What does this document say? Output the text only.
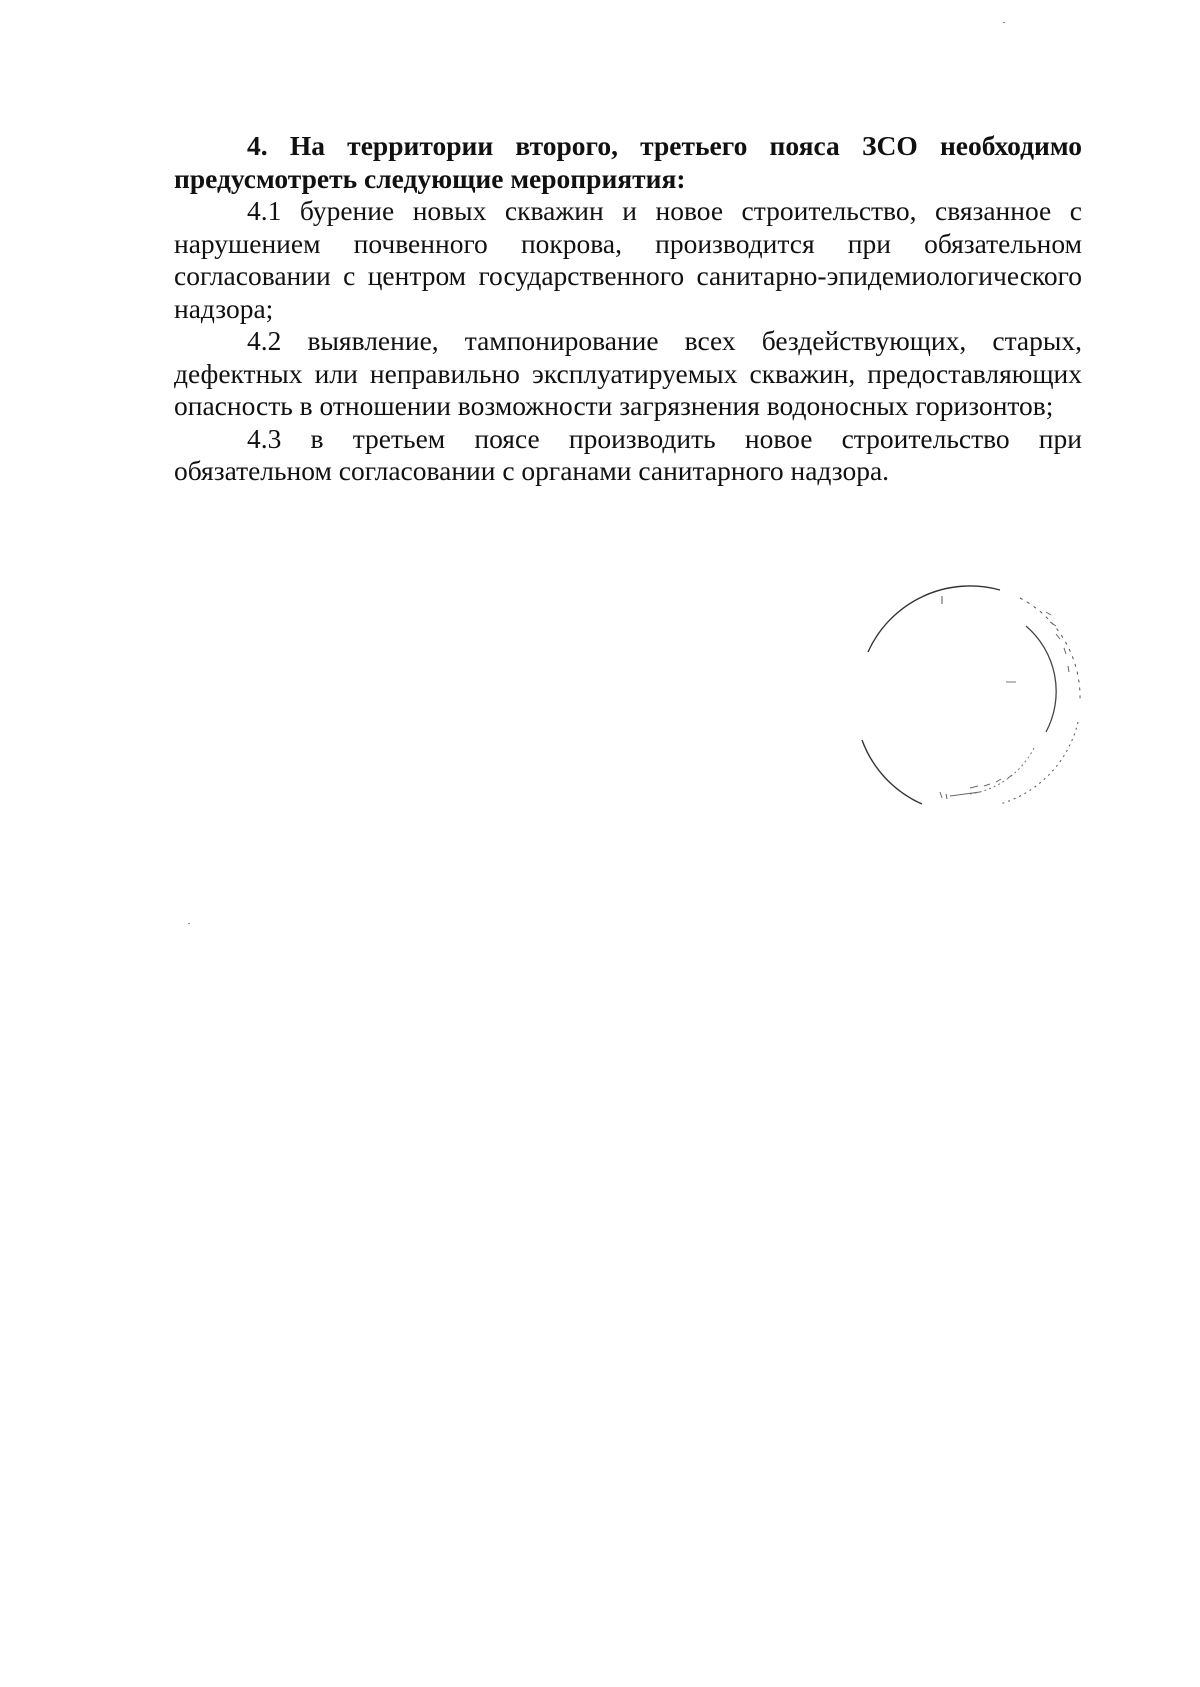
4. На территории второго, третьего пояса ЗСО необходимо предусмотреть следующие мероприятия:

4.1 бурение новых скважин и новое строительство, связанное с нарушением почвенного покрова, производится при обязательном согласовании с центром государственного санитарно-эпидемиологического надзора;

4.2 выявление, тампонирование всех бездействующих, старых, дефектных или неправильно эксплуатируемых скважин, предоставляющих опасность в отношении возможности загрязнения водоносных горизонтов;

4.3 в третьем поясе производить новое строительство при обязательном согласовании с органами санитарного надзора.
